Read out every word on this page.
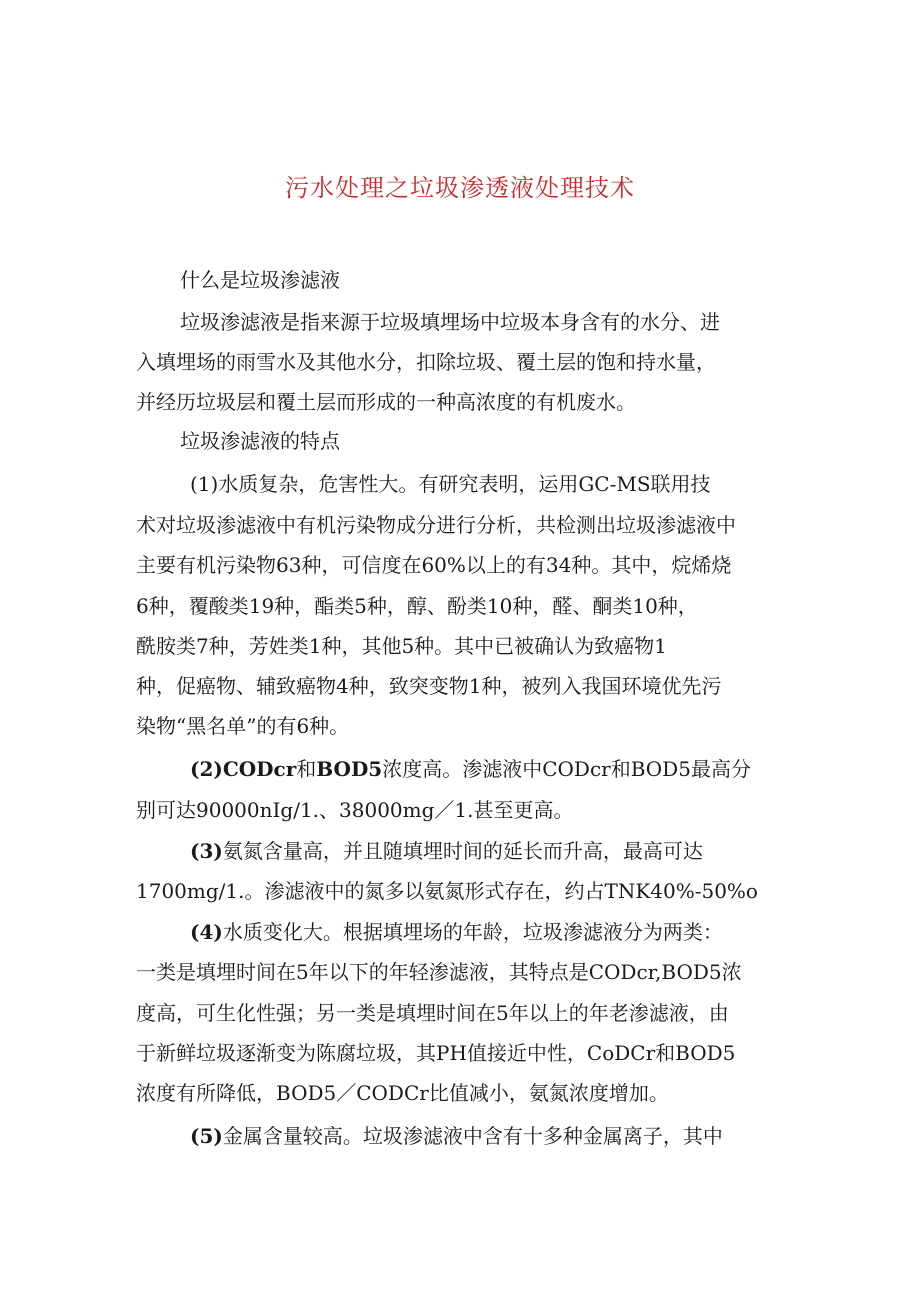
污水处理之垃圾渗透液处理技术
什么是垃圾渗滤液
垃圾渗滤液是指来源于垃圾填埋场中垃圾本身含有的水分、进
入填埋场的雨雪水及其他水分，扣除垃圾、覆土层的饱和持水量，
并经历垃圾层和覆土层而形成的一种高浓度的有机废水。
垃圾渗滤液的特点
(1)水质复杂，危害性大。有研究表明，运用GC-MS联用技
术对垃圾渗滤液中有机污染物成分进行分析，共检测出垃圾渗滤液中
主要有机污染物63种，可信度在60%以上的有34种。其中，烷烯烧
6种，覆酸类19种，酯类5种，醇、酚类10种，醛、酮类10种，
酰胺类7种，芳姓类1种，其他5种。其中已被确认为致癌物1
种，促癌物、辅致癌物4种，致突变物1种，被列入我国环境优先污
染物“黑名单”的有6种。
(2)CODcr和BOD5浓度高。渗滤液中CODcr和BOD5最高分
别可达90000nIg/1.、38000mg／1.甚至更高。
(3)氨氮含量高，并且随填埋时间的延长而升高，最高可达
1700mg/1.。渗滤液中的氮多以氨氮形式存在，约占TNK40%-50%o
(4)水质变化大。根据填埋场的年龄，垃圾渗滤液分为两类：
一类是填埋时间在5年以下的年轻渗滤液，其特点是CODcr,BOD5浓
度高，可生化性强；另一类是填埋时间在5年以上的年老渗滤液，由
于新鲜垃圾逐渐变为陈腐垃圾，其PH值接近中性，CoDCr和BOD5
浓度有所降低，BOD5／CODCr比值减小，氨氮浓度增加。
(5)金属含量较高。垃圾渗滤液中含有十多种金属离子，其中
